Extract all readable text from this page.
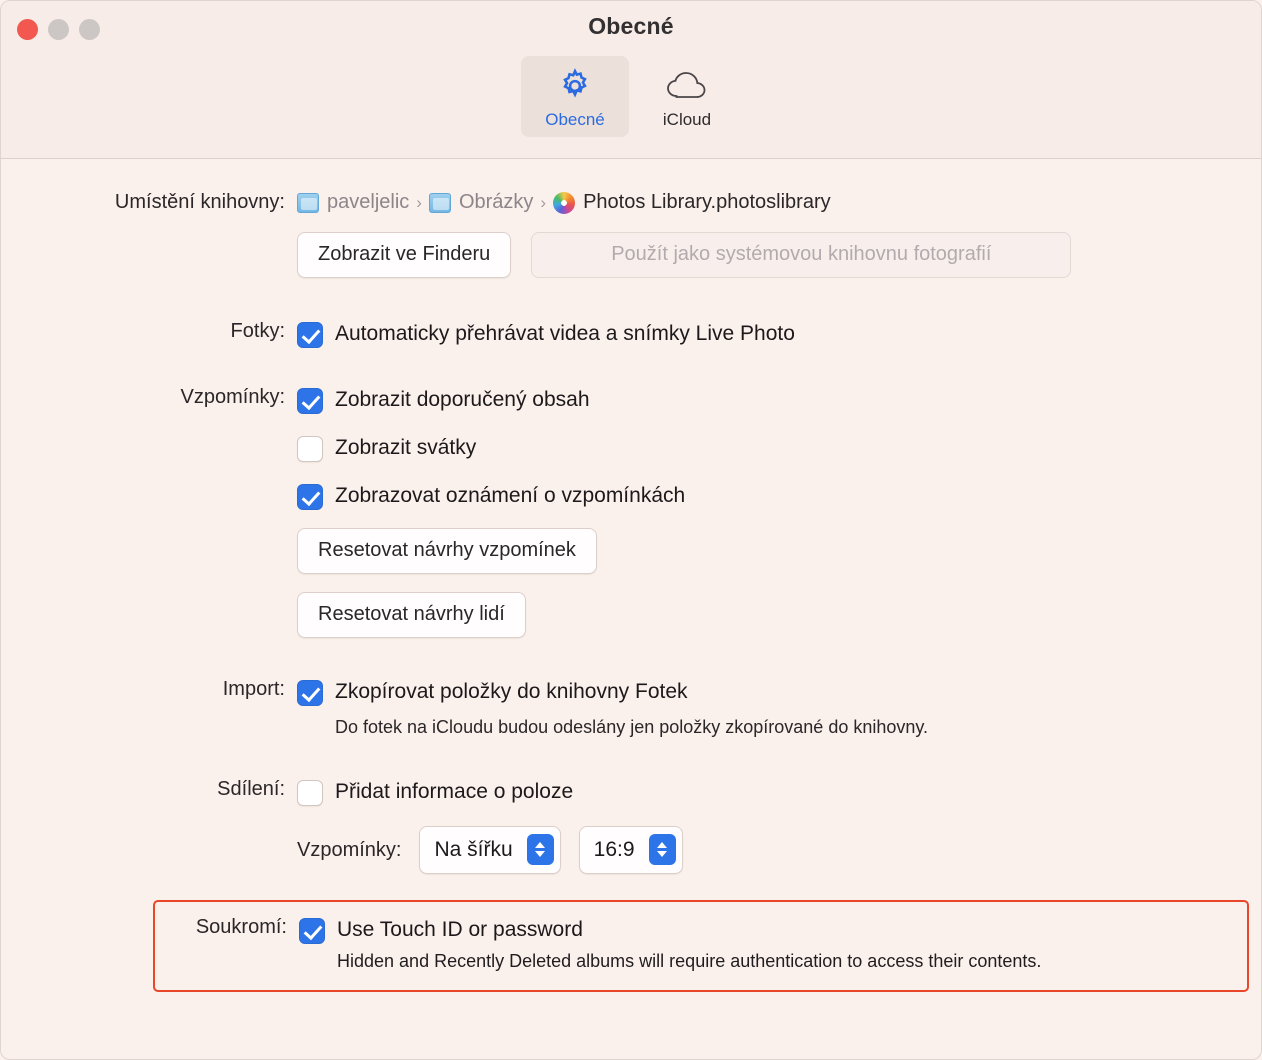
Obecné
Obecné	iCloud
Umístění knihovny:	paveljelic › Obrázky › Photos Library.photoslibrary
Zobrazit ve Finderu	Použít jako systémovou knihovnu fotografií
Fotky:	Automaticky přehrávat videa a snímky Live Photo
Vzpomínky:	Zobrazit doporučený obsah
Zobrazit svátky
Zobrazovat oznámení o vzpomínkách
Resetovat návrhy vzpomínek
Resetovat návrhy lidí
Import:	Zkopírovat položky do knihovny Fotek
Do fotek na iCloudu budou odeslány jen položky zkopírované do knihovny.
Sdílení:	Přidat informace o poloze
Vzpomínky: Na šířku	16:9
Soukromí:	Use Touch ID or password
Hidden and Recently Deleted albums will require authentication to access their contents.
